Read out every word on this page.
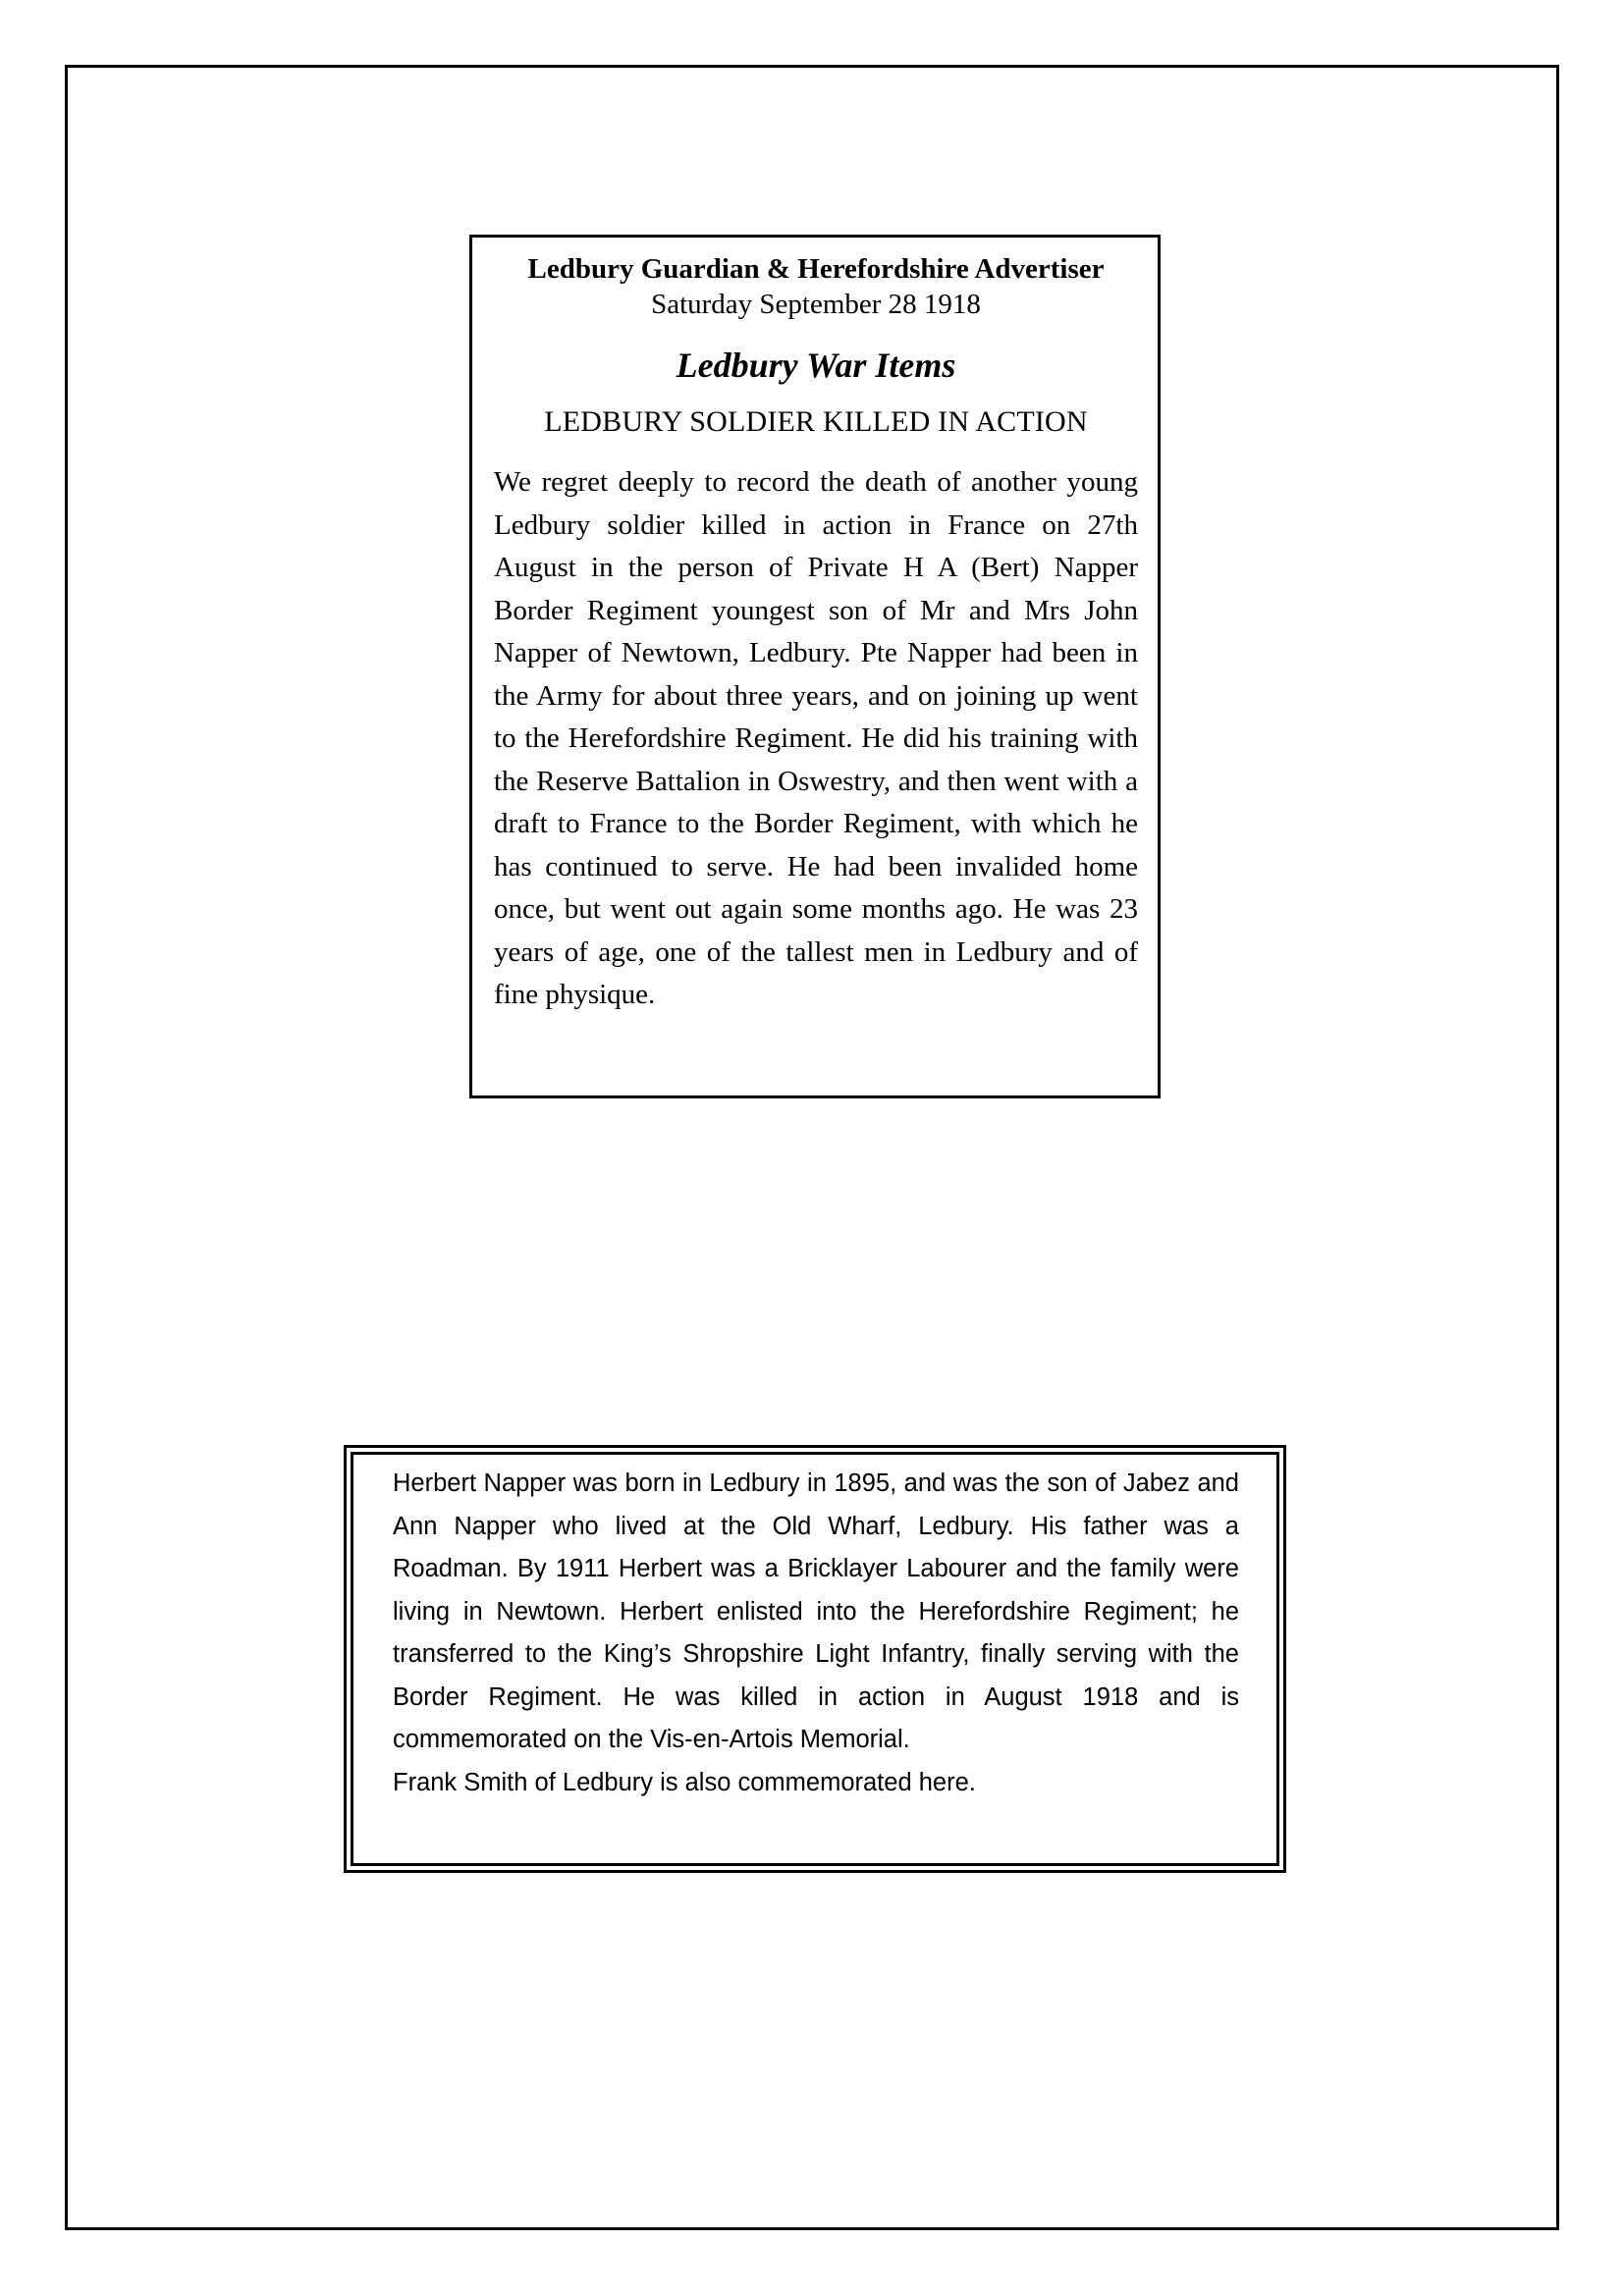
Ledbury Guardian & Herefordshire Advertiser

Saturday September 28 1918

Ledbury War Items

LEDBURY SOLDIER KILLED IN ACTION

We regret deeply to record the death of another young Ledbury soldier killed in action in France on 27th August in the person of Private H A (Bert) Napper Border Regiment youngest son of Mr and Mrs John Napper of Newtown, Ledbury. Pte Napper had been in the Army for about three years, and on joining up went to the Herefordshire Regiment. He did his training with the Reserve Battalion in Oswestry, and then went with a draft to France to the Border Regiment, with which he has continued to serve. He had been invalided home once, but went out again some months ago. He was 23 years of age, one of the tallest men in Ledbury and of fine physique.

Herbert Napper was born in Ledbury in 1895, and was the son of Jabez and Ann Napper who lived at the Old Wharf, Ledbury. His father was a Roadman. By 1911 Herbert was a Bricklayer Labourer and the family were living in Newtown. Herbert enlisted into the Herefordshire Regiment; he transferred to the King’s Shropshire Light Infantry, finally serving with the Border Regiment. He was killed in action in August 1918 and is commemorated on the Vis-en-Artois Memorial.

Frank Smith of Ledbury is also commemorated here.
